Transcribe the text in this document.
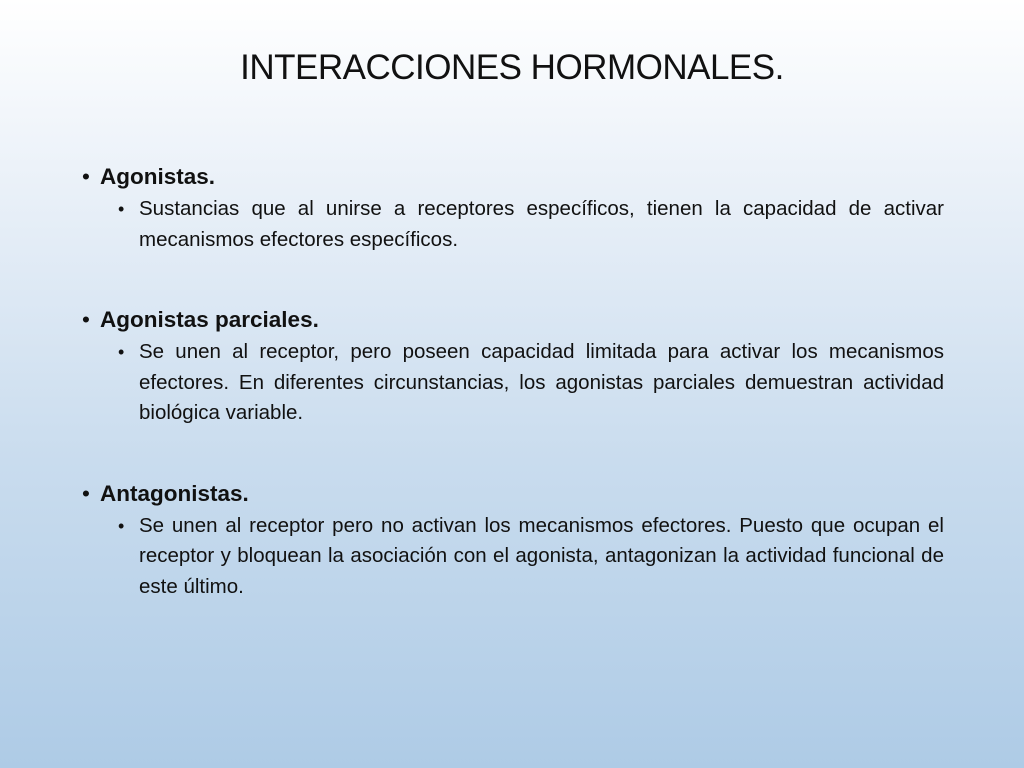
INTERACCIONES HORMONALES.
• Agonistas.
• Sustancias que al unirse a receptores específicos, tienen la capacidad de activar mecanismos efectores específicos.
• Agonistas parciales.
• Se unen al receptor, pero poseen capacidad limitada para activar los mecanismos efectores. En diferentes circunstancias, los agonistas parciales demuestran actividad biológica variable.
• Antagonistas.
• Se unen al receptor pero no activan los mecanismos efectores. Puesto que ocupan el receptor y bloquean la asociación con el agonista, antagonizan la actividad funcional de este último.
